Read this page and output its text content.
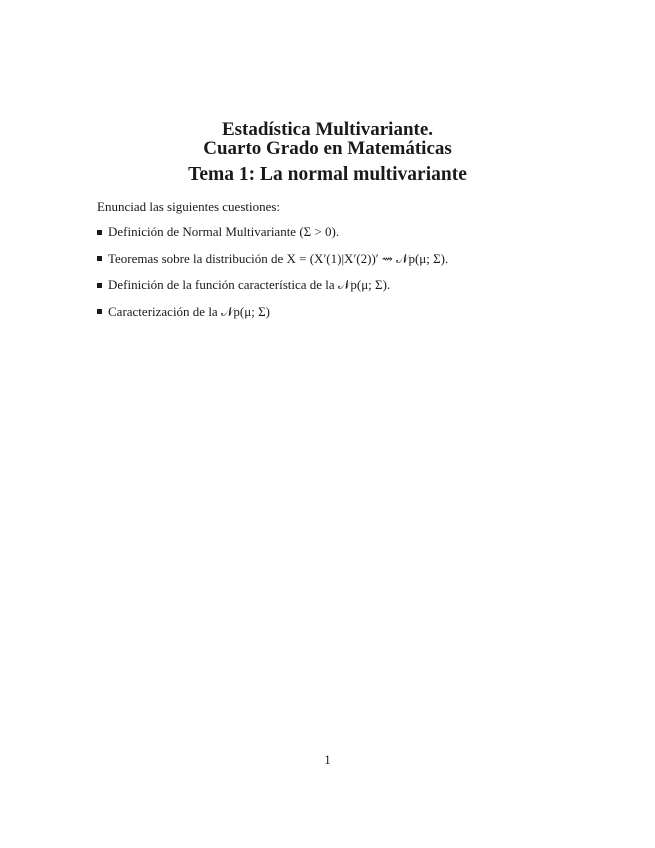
Estadística Multivariante.
Cuarto Grado en Matemáticas
Tema 1: La normal multivariante
Enunciad las siguientes cuestiones:
Definición de Normal Multivariante (Σ > 0).
Teoremas sobre la distribución de X = (X′(1)|X′(2))′ ⇝ 𝒩p(μ; Σ).
Definición de la función característica de la 𝒩p(μ; Σ).
Caracterización de la 𝒩p(μ; Σ)
1
